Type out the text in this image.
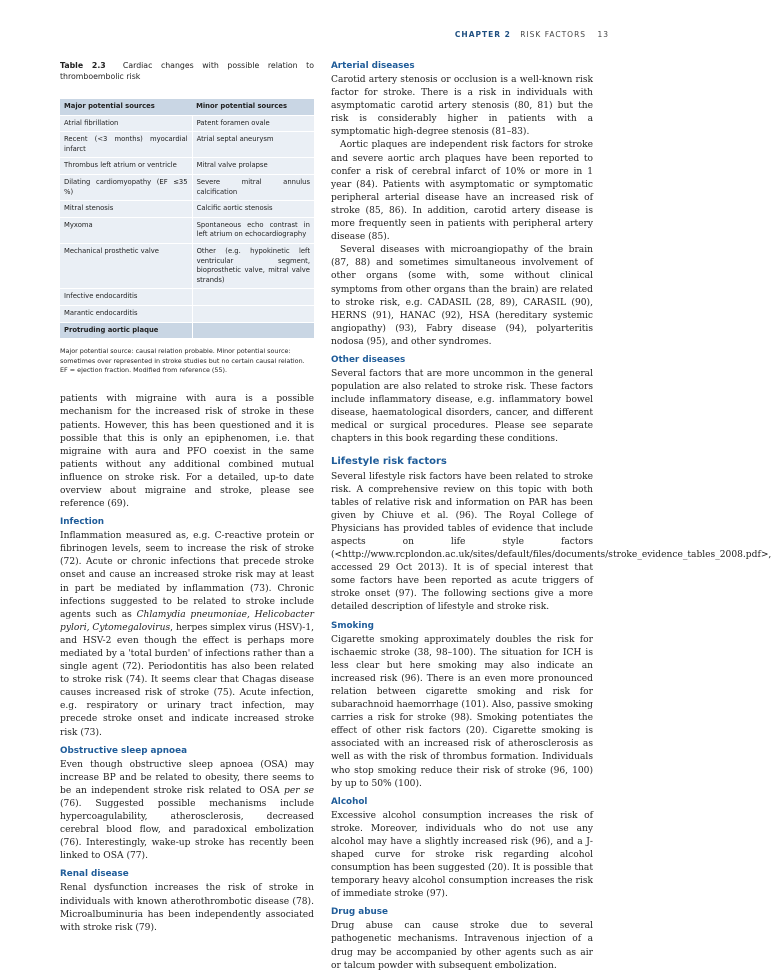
CHAPTER 2 RISK FACTORS 13
Table 2.3 Cardiac changes with possible relation to thromboembolic risk
Major potential sources	Minor potential sources
Atrial fibrillation	Patent foramen ovale
Recent (<3 months) myocardial infarct	Atrial septal aneurysm
Thrombus left atrium or ventricle	Mitral valve prolapse
Dilating cardiomyopathy (EF ≤35 %)	Severe mitral annulus calcification
Mitral stenosis	Calcific aortic stenosis
Myxoma	Spontaneous echo contrast in left atrium on echocardiography
Mechanical prosthetic valve	Other (e.g. hypokinetic left ventricular segment, bioprosthetic valve, mitral valve strands)
Infective endocarditis	
Marantic endocarditis	
Protruding aortic plaque	
Major potential source: causal relation probable. Minor potential source: sometimes over represented in stroke studies but no certain causal relation. EF = ejection fraction. Modified from reference (55).

patients with migraine with aura is a possible mechanism for the increased risk of stroke in these patients. However, this has been questioned and it is possible that this is only an epiphenomen, i.e. that migraine with aura and PFO coexist in the same patients without any additional combined mutual influence on stroke risk. For a detailed, up-to date overview about migraine and stroke, please see reference (69).

Infection

Inflammation measured as, e.g. C-reactive protein or fibrinogen levels, seem to increase the risk of stroke (72). Acute or chronic infections that precede stroke onset and cause an increased stroke risk may at least in part be mediated by inflammation (73). Chronic infections suggested to be related to stroke include agents such as Chlamydia pneumoniae, Helicobacter pylori, Cytomegalovirus, herpes simplex virus (HSV)-1, and HSV-2 even though the effect is perhaps more mediated by a 'total burden' of infections rather than a single agent (72). Periodontitis has also been related to stroke risk (74). It seems clear that Chagas disease causes increased risk of stroke (75). Acute infection, e.g. respiratory or urinary tract infection, may precede stroke onset and indicate increased stroke risk (73).

Obstructive sleep apnoea

Even though obstructive sleep apnoea (OSA) may increase BP and be related to obesity, there seems to be an independent stroke risk related to OSA per se (76). Suggested possible mechanisms include hypercoagulability, atherosclerosis, decreased cerebral blood flow, and paradoxical embolization (76). Interestingly, wake-up stroke has recently been linked to OSA (77).

Renal disease

Renal dysfunction increases the risk of stroke in individuals with known atherothrombotic disease (78). Microalbuminuria has been independently associated with stroke risk (79).

Arterial diseases

Carotid artery stenosis or occlusion is a well-known risk factor for stroke. There is a risk in individuals with asymptomatic carotid artery stenosis (80, 81) but the risk is considerably higher in patients with a symptomatic high-degree stenosis (81–83).

Aortic plaques are independent risk factors for stroke and severe aortic arch plaques have been reported to confer a risk of cerebral infarct of 10% or more in 1 year (84). Patients with asymptomatic or symptomatic peripheral arterial disease have an increased risk of stroke (85, 86). In addition, carotid artery disease is more frequently seen in patients with peripheral artery disease (85).

Several diseases with microangiopathy of the brain (87, 88) and sometimes simultaneous involvement of other organs (some with, some without clinical symptoms from other organs than the brain) are related to stroke risk, e.g. CADASIL (28, 89), CARASIL (90), HERNS (91), HANAC (92), HSA (hereditary systemic angiopathy) (93), Fabry disease (94), polyarteritis nodosa (95), and other syndromes.

Other diseases

Several factors that are more uncommon in the general population are also related to stroke risk. These factors include inflammatory disease, e.g. inflammatory bowel disease, haematological disorders, cancer, and different medical or surgical procedures. Please see separate chapters in this book regarding these conditions.

Lifestyle risk factors

Several lifestyle risk factors have been related to stroke risk. A comprehensive review on this topic with both tables of relative risk and information on PAR has been given by Chiuve et al. (96). The Royal College of Physicians has provided tables of evidence that include aspects on life style factors (<http://www.rcplondon.ac.uk/sites/default/files/documents/stroke_evidence_tables_2008.pdf>, accessed 29 Oct 2013). It is of special interest that some factors have been reported as acute triggers of stroke onset (97). The following sections give a more detailed description of lifestyle and stroke risk.

Smoking

Cigarette smoking approximately doubles the risk for ischaemic stroke (38, 98–100). The situation for ICH is less clear but here smoking may also indicate an increased risk (96). There is an even more pronounced relation between cigarette smoking and risk for subarachnoid haemorrhage (101). Also, passive smoking carries a risk for stroke (98). Smoking potentiates the effect of other risk factors (20). Cigarette smoking is associated with an increased risk of atherosclerosis as well as with the risk of thrombus formation. Individuals who stop smoking reduce their risk of stroke (96, 100) by up to 50% (100).

Alcohol

Excessive alcohol consumption increases the risk of stroke. Moreover, individuals who do not use any alcohol may have a slightly increased risk (96), and a J-shaped curve for stroke risk regarding alcohol consumption has been suggested (20). It is possible that temporary heavy alcohol consumption increases the risk of immediate stroke (97).

Drug abuse

Drug abuse can cause stroke due to several pathogenetic mechanisms. Intravenous injection of a drug may be accompanied by other agents such as air or talcum powder with subsequent embolization.
